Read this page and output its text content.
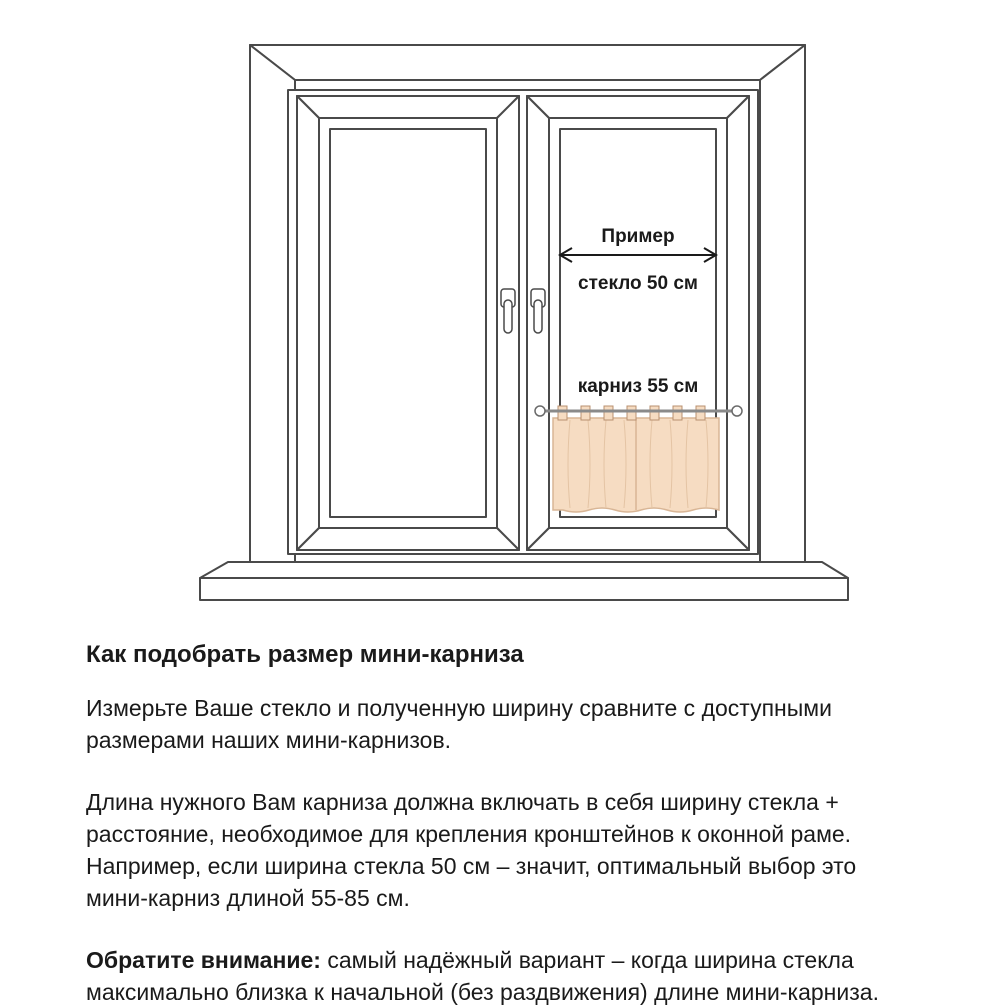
Пример
стекло 50 см
карниз 55 см
Как подобрать размер мини-карниза
Измерьте Ваше стекло и полученную ширину сравните с доступными
размерами наших мини-карнизов.
Длина нужного Вам карниза должна включать в себя ширину стекла +
расстояние, необходимое для крепления кронштейнов к оконной раме.
Например, если ширина стекла 50 см – значит, оптимальный выбор это
мини-карниз длиной 55-85 см.
Обратите внимание: самый надёжный вариант – когда ширина стекла
максимально близка к начальной (без раздвижения) длине мини-карниза.
